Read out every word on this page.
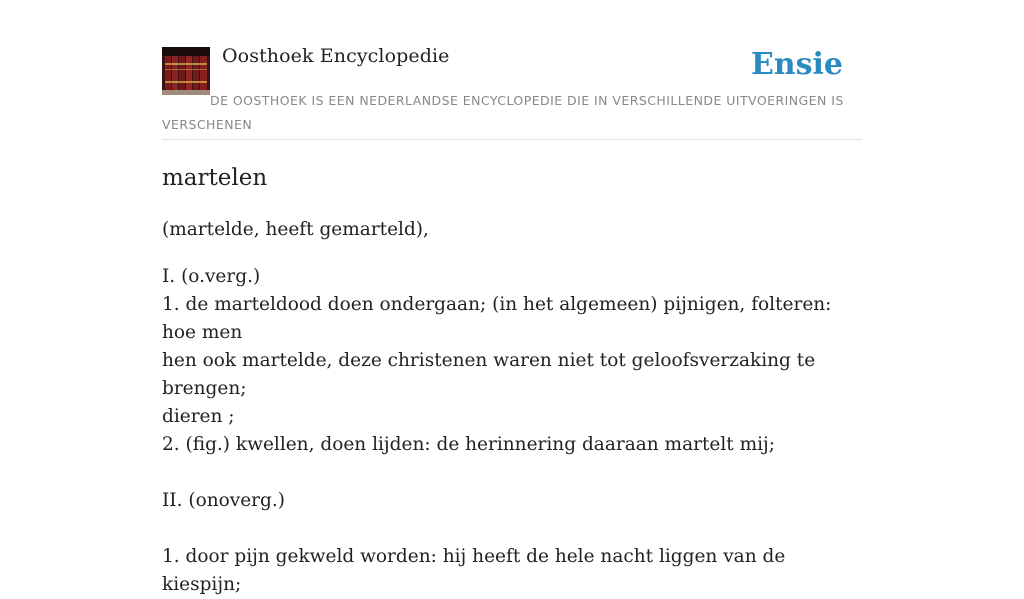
Oosthoek Encyclopedie	Ensie
DE OOSTHOEK IS EEN NEDERLANDSE ENCYCLOPEDIE DIE IN VERSCHILLENDE UITVOERINGEN IS VERSCHENEN
martelen
(martelde, heeft gemarteld),
I. (o.verg.)
1. de marteldood doen ondergaan; (in het algemeen) pijnigen, folteren: hoe men
hen ook martelde, deze christenen waren niet tot geloofsverzaking te brengen;
dieren ;
2. (fig.) kwellen, doen lijden: de herinnering daaraan martelt mij;
II. (onoverg.)
1. door pijn gekweld worden: hij heeft de hele nacht liggen van de kiespijn;
